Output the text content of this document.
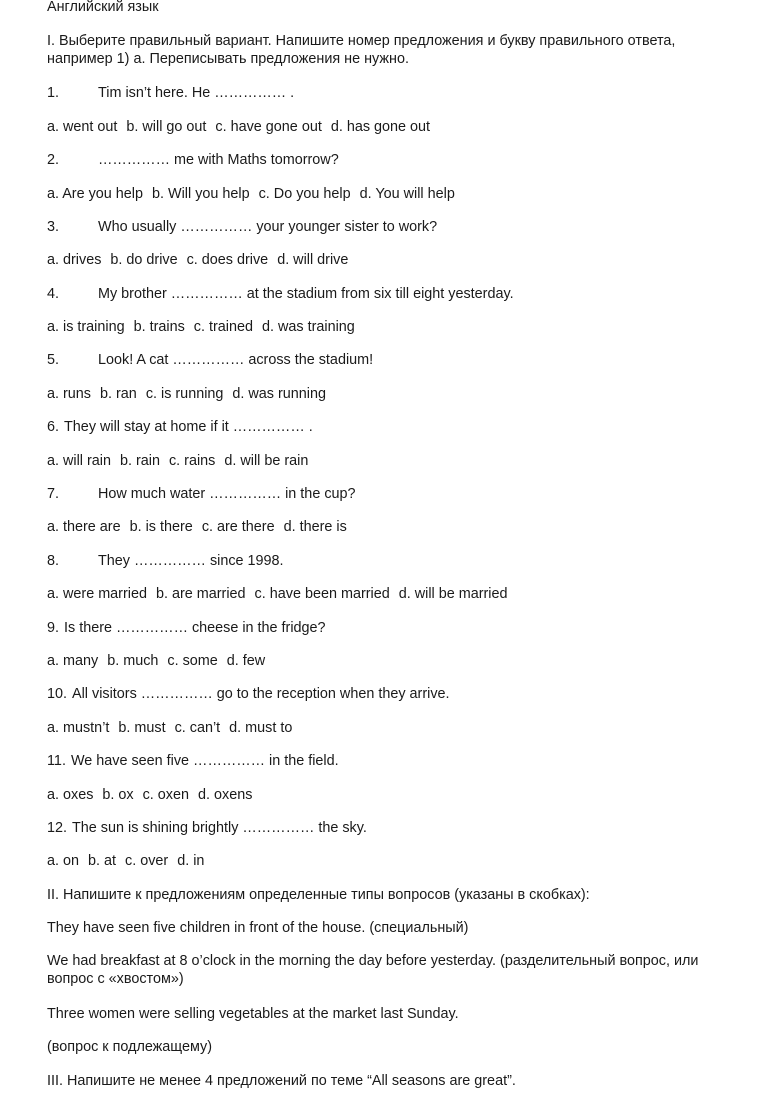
Английский язык
I. Выберите правильный вариант. Напишите номер предложения и букву правильного ответа, например 1) а. Переписывать предложения не нужно.
1.	Tim isn’t here. He …………… .
a. went out b. will go out c. have gone out d. has gone out
2.	…………… me with Maths tomorrow?
a. Are you help b. Will you help c. Do you help d. You will help
3.	Who usually …………… your younger sister to work?
a. drives b. do drive c. does drive d. will drive
4.	My brother …………… at the stadium from six till eight yesterday.
a. is training b. trains c. trained d. was training
5.	Look! A cat …………… across the stadium!
a. runs b. ran c. is running d. was running
6. They will stay at home if it …………… .
a. will rain b. rain c. rains d. will be rain
7.	How much water …………… in the cup?
a. there are b. is there c. are there d. there is
8.	They …………… since 1998.
a. were married b. are married c. have been married d. will be married
9. Is there …………… cheese in the fridge?
a. many b. much c. some d. few
10. All visitors …………… go to the reception when they arrive.
a. mustn’t b. must c. can’t d. must to
11. We have seen five …………… in the field.
a. oxes b. ox c. oxen d. oxens
12. The sun is shining brightly …………… the sky.
a. on b. at c. over d. in
II. Напишите к предложениям определенные типы вопросов (указаны в скобках):
They have seen five children in front of the house. (специальный)
We had breakfast at 8 o’clock in the morning the day before yesterday. (разделительный вопрос, или вопрос с «хвостом»)
Three women were selling vegetables at the market last Sunday.
(вопрос к подлежащему)
III. Напишите не менее 4 предложений по теме “All seasons are great”.
